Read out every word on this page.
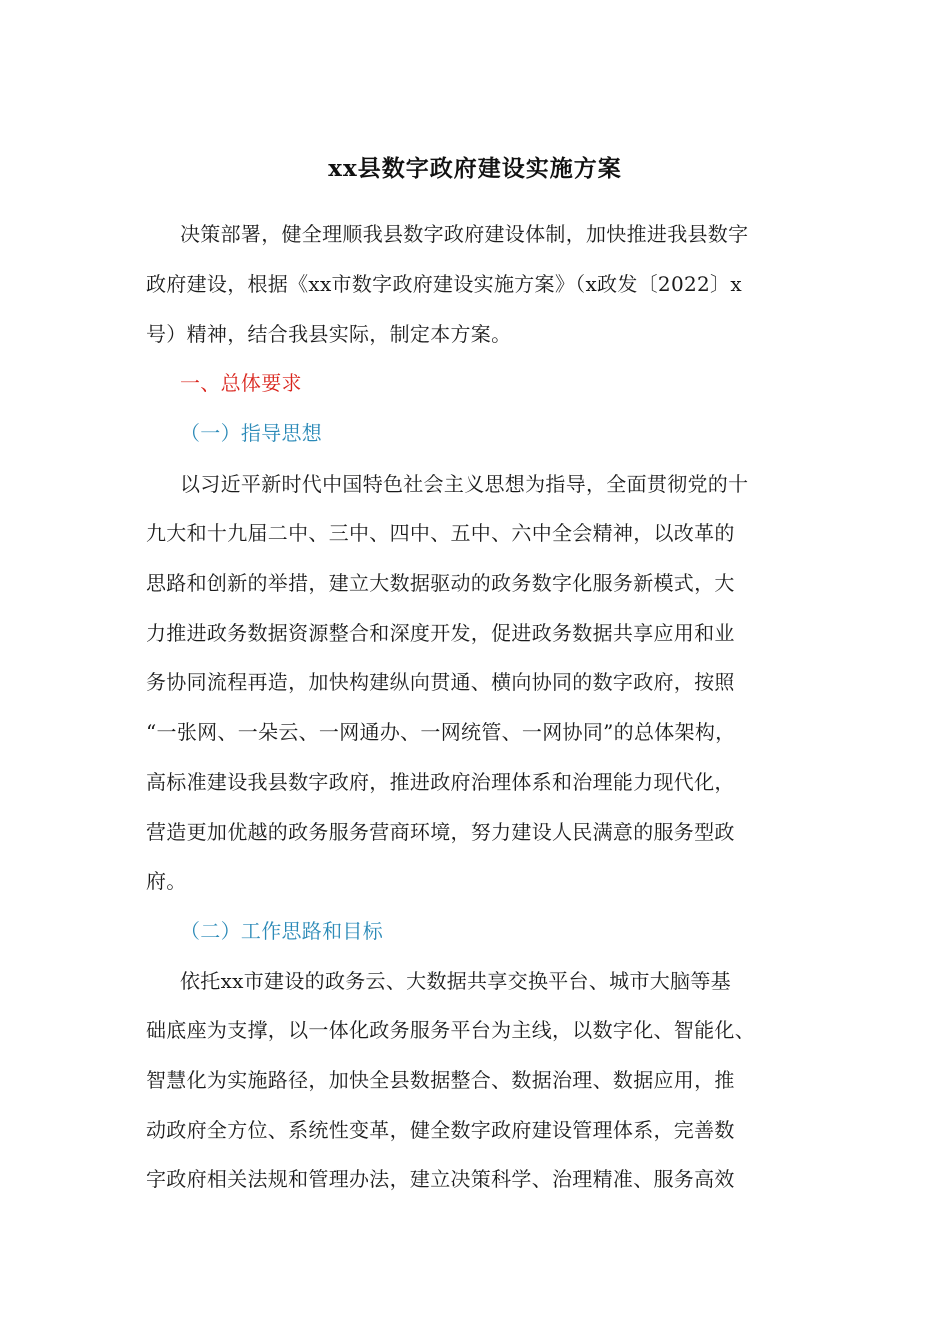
xx县数字政府建设实施方案
决策部署，健全理顺我县数字政府建设体制，加快推进我县数字
政府建设，根据《xx市数字政府建设实施方案》（x政发〔2022〕x
号）精神，结合我县实际，制定本方案。
一、总体要求
（一）指导思想
以习近平新时代中国特色社会主义思想为指导，全面贯彻党的十
九大和十九届二中、三中、四中、五中、六中全会精神，以改革的
思路和创新的举措，建立大数据驱动的政务数字化服务新模式，大
力推进政务数据资源整合和深度开发，促进政务数据共享应用和业
务协同流程再造，加快构建纵向贯通、横向协同的数字政府，按照
“一张网、一朵云、一网通办、一网统管、一网协同”的总体架构，
高标准建设我县数字政府，推进政府治理体系和治理能力现代化，
营造更加优越的政务服务营商环境，努力建设人民满意的服务型政
府。
（二）工作思路和目标
依托xx市建设的政务云、大数据共享交换平台、城市大脑等基
础底座为支撑，以一体化政务服务平台为主线，以数字化、智能化、
智慧化为实施路径，加快全县数据整合、数据治理、数据应用，推
动政府全方位、系统性变革，健全数字政府建设管理体系，完善数
字政府相关法规和管理办法，建立决策科学、治理精准、服务高效
